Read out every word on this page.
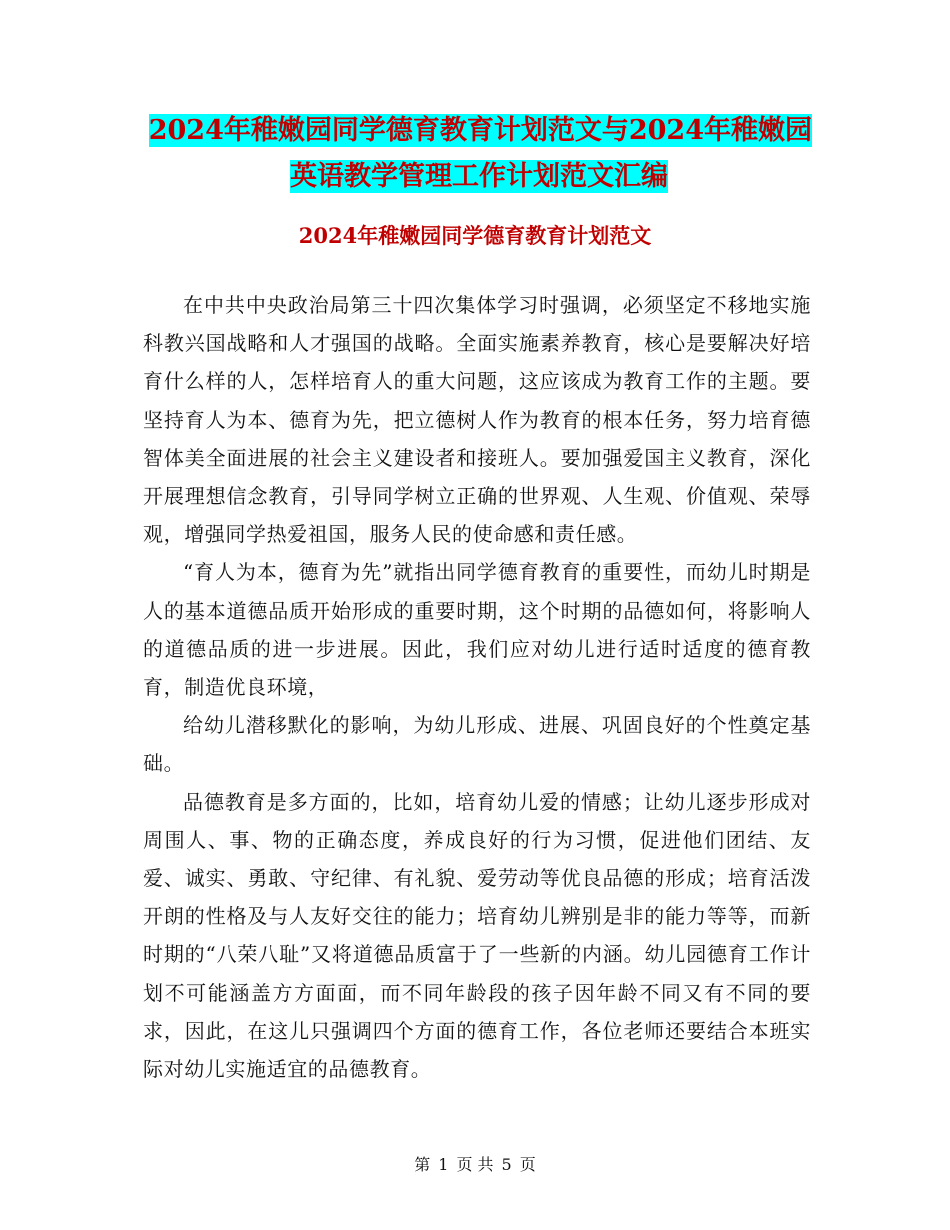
2024年稚嫩园同学德育教育计划范文与2024年稚嫩园
英语教学管理工作计划范文汇编
2024年稚嫩园同学德育教育计划范文

在中共中央政治局第三十四次集体学习时强调，必须坚定不移地实施科教兴国战略和人才强国的战略。全面实施素养教育，核心是要解决好培育什么样的人，怎样培育人的重大问题，这应该成为教育工作的主题。要坚持育人为本、德育为先，把立德树人作为教育的根本任务，努力培育德智体美全面进展的社会主义建设者和接班人。要加强爱国主义教育，深化开展理想信念教育，引导同学树立正确的世界观、人生观、价值观、荣辱观，增强同学热爱祖国，服务人民的使命感和责任感。

“育人为本，德育为先”就指出同学德育教育的重要性，而幼儿时期是人的基本道德品质开始形成的重要时期，这个时期的品德如何，将影响人的道德品质的进一步进展。因此，我们应对幼儿进行适时适度的德育教育，制造优良环境，

给幼儿潜移默化的影响，为幼儿形成、进展、巩固良好的个性奠定基础。

品德教育是多方面的，比如，培育幼儿爱的情感；让幼儿逐步形成对周围人、事、物的正确态度，养成良好的行为习惯，促进他们团结、友爱、诚实、勇敢、守纪律、有礼貌、爱劳动等优良品德的形成；培育活泼开朗的性格及与人友好交往的能力；培育幼儿辨别是非的能力等等，而新时期的“八荣八耻”又将道德品质富于了一些新的内涵。幼儿园德育工作计划不可能涵盖方方面面，而不同年龄段的孩子因年龄不同又有不同的要求，因此，在这儿只强调四个方面的德育工作，各位老师还要结合本班实际对幼儿实施适宜的品德教育。

第 1 页 共 5 页
